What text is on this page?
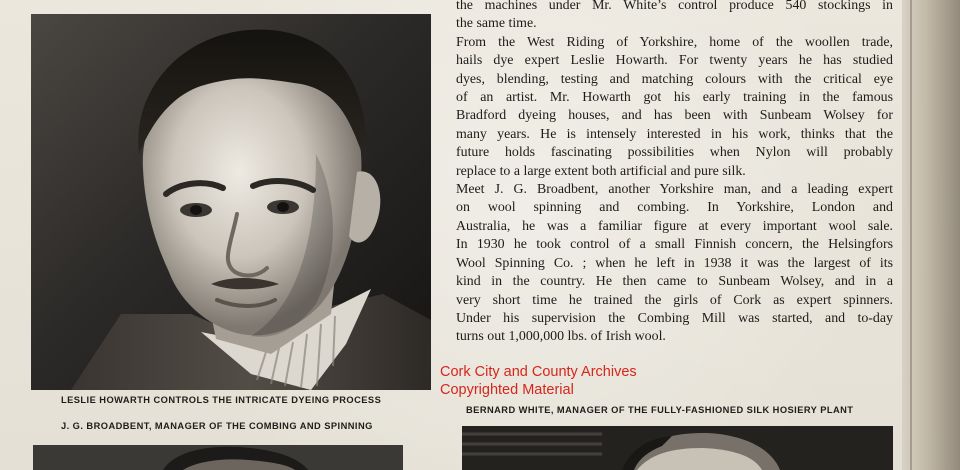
LESLIE HOWARTH CONTROLS THE INTRICATE DYEING PROCESS
J. G. BROADBENT, MANAGER OF THE COMBING AND SPINNING
BERNARD WHITE, MANAGER OF THE FULLY-FASHIONED SILK HOSIERY PLANT
the machines under Mr. White’s control produce 540 stockings in
the same time.
From the West Riding of Yorkshire, home of the woollen trade,
hails dye expert Leslie Howarth. For twenty years he has studied
dyes, blending, testing and matching colours with the critical eye
of an artist. Mr. Howarth got his early training in the famous
Bradford dyeing houses, and has been with Sunbeam Wolsey for
many years. He is intensely interested in his work, thinks that the
future holds fascinating possibilities when Nylon will probably
replace to a large extent both artificial and pure silk.
Meet J. G. Broadbent, another Yorkshire man, and a leading expert
on wool spinning and combing. In Yorkshire, London and
Australia, he was a familiar figure at every important wool sale.
In 1930 he took control of a small Finnish concern, the Helsingfors
Wool Spinning Co. ; when he left in 1938 it was the largest of its
kind in the country. He then came to Sunbeam Wolsey, and in a
very short time he trained the girls of Cork as expert spinners.
Under his supervision the Combing Mill was started, and to-day
turns out 1,000,000 lbs. of Irish wool.
Cork City and County Archives
Copyrighted Material
